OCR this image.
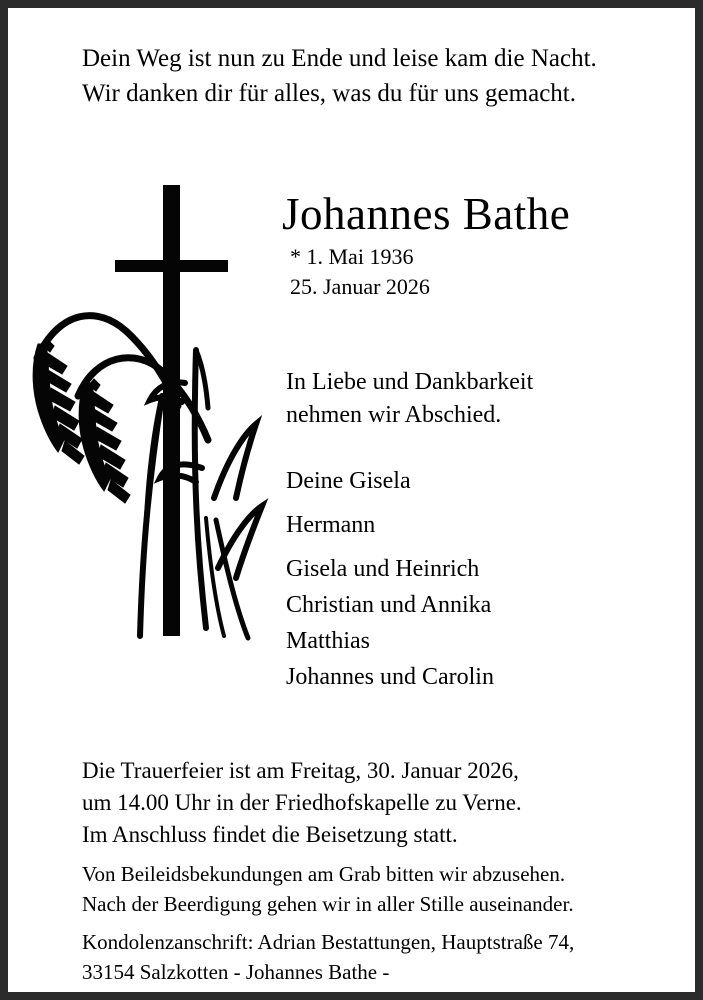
Dein Weg ist nun zu Ende und leise kam die Nacht.
Wir danken dir für alles, was du für uns gemacht.
Johannes Bathe
* 1. Mai 1936
25. Januar 2026
In Liebe und Dankbarkeit
nehmen wir Abschied.
Deine Gisela
Hermann
Gisela und Heinrich
Christian und Annika
Matthias
Johannes und Carolin
Die Trauerfeier ist am Freitag, 30. Januar 2026,
um 14.00 Uhr in der Friedhofskapelle zu Verne.
Im Anschluss findet die Beisetzung statt.
Von Beileidsbekundungen am Grab bitten wir abzusehen.
Nach der Beerdigung gehen wir in aller Stille auseinander.
Kondolenzanschrift: Adrian Bestattungen, Hauptstraße 74,
33154 Salzkotten - Johannes Bathe -
